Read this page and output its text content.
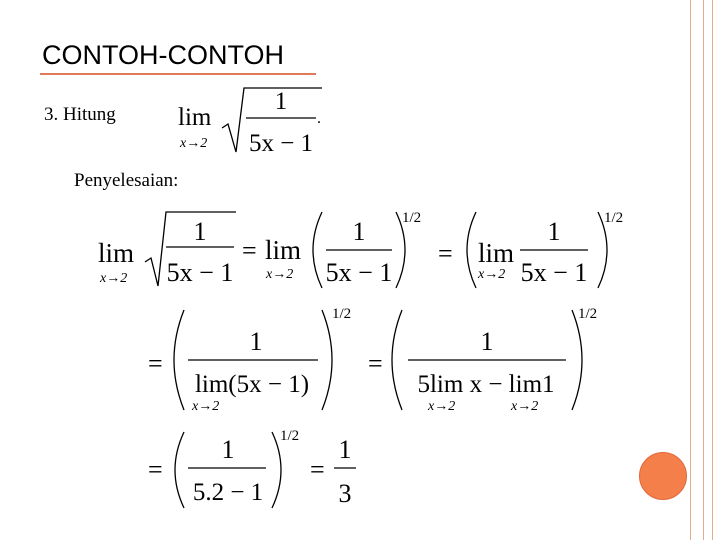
CONTOH-CONTOH
3. Hitung
Penyelesaian:
lim
x→2
1
5x − 1
.
lim
x→2
1
5x − 1
= lim
x→2
1
5x − 1
1/2
= lim
x→2
1
5x − 1
1/2
=
1
lim(5x − 1)
x→2
1/2
=
1
5lim x − lim1
x→2	x→2
1/2
=
1
5.2 − 1
1/2
=
1
3
